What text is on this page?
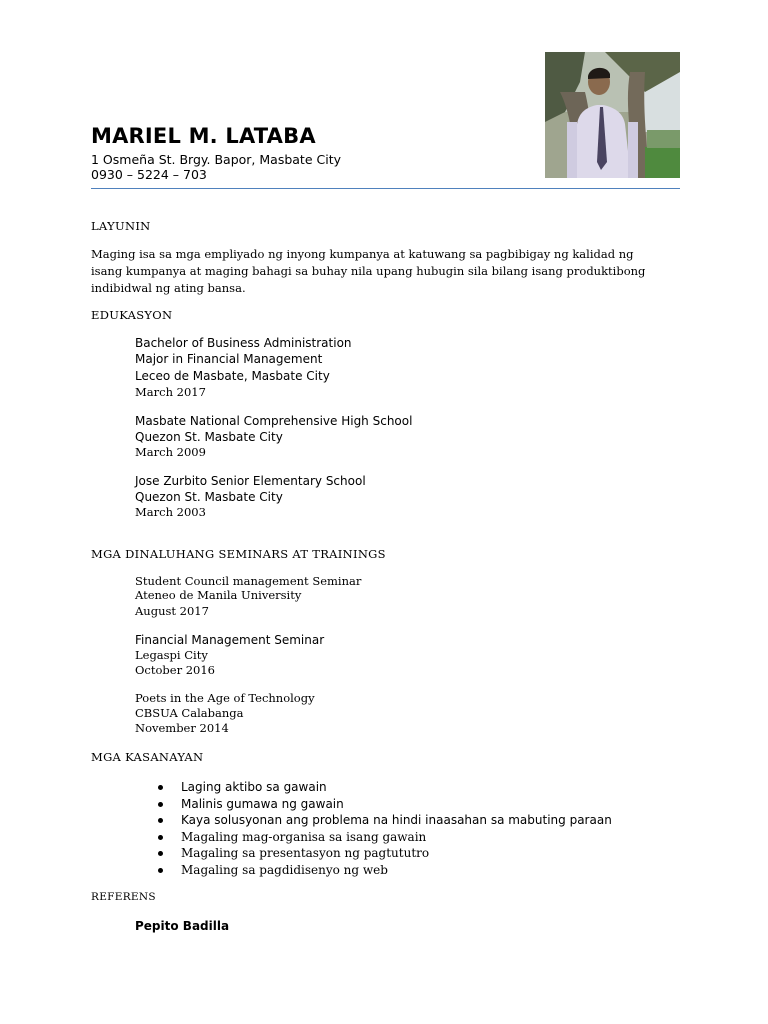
MARIEL M. LATABA
1 Osmeña St. Brgy. Bapor, Masbate City
0930 – 5224 – 703
LAYUNIN
Maging isa sa mga empliyado ng inyong kumpanya at katuwang sa pagbibigay ng kalidad ng
isang kumpanya at maging bahagi sa buhay nila upang hubugin sila bilang isang produktibong
indibidwal ng ating bansa.
EDUKASYON
Bachelor of Business Administration
Major in Financial Management
Leceo de Masbate, Masbate City
March 2017
Masbate National Comprehensive High School
Quezon St. Masbate City
March 2009
Jose Zurbito Senior Elementary School
Quezon St. Masbate City
March 2003
MGA DINALUHANG SEMINARS AT TRAININGS
Student Council management Seminar
Ateneo de Manila University
August 2017
Financial Management Seminar
Legaspi City
October 2016
Poets in the Age of Technology
CBSUA Calabanga
November 2014
MGA KASANAYAN
Laging aktibo sa gawain
Malinis gumawa ng gawain
Kaya solusyonan ang problema na hindi inaasahan sa mabuting paraan
Magaling mag-organisa sa isang gawain
Magaling sa presentasyon ng pagtututro
Magaling sa pagdidisenyo ng web
REFERENS
Pepito Badilla
